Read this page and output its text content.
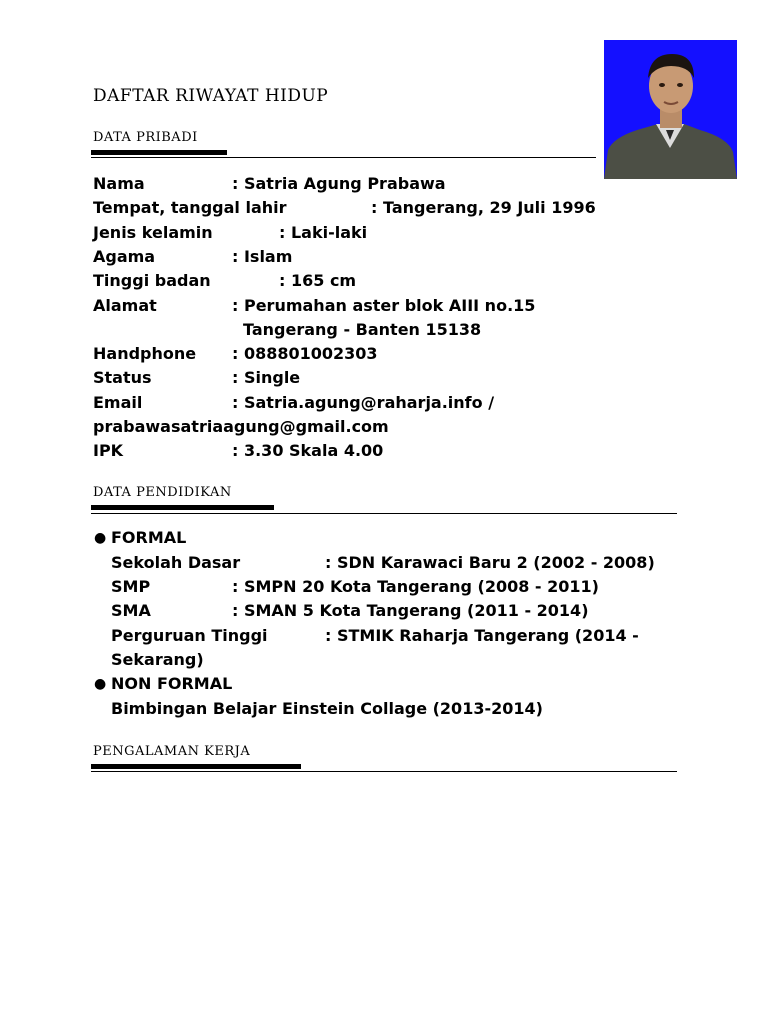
DAFTAR RIWAYAT HIDUP
DATA PRIBADI
Nama	: Satria Agung Prabawa
Tempat, tanggal lahir	: Tangerang, 29 Juli 1996
Jenis kelamin	: Laki-laki
Agama	: Islam
Tinggi badan	: 165 cm
Alamat	: Perumahan aster blok AIII no.15
Tangerang - Banten 15138
Handphone : 088801002303
Status	: Single
Email	: Satria.agung@raharja.info /
prabawasatriaagung@gmail.com
IPK	: 3.30 Skala 4.00
DATA PENDIDIKAN
● FORMAL
Sekolah Dasar	: SDN Karawaci Baru 2 (2002 - 2008)
SMP	: SMPN 20 Kota Tangerang (2008 - 2011)
SMA	: SMAN 5 Kota Tangerang (2011 - 2014)
Perguruan Tinggi	: STMIK Raharja Tangerang (2014 -
Sekarang)
● NON FORMAL
Bimbingan Belajar Einstein Collage (2013-2014)
PENGALAMAN KERJA
